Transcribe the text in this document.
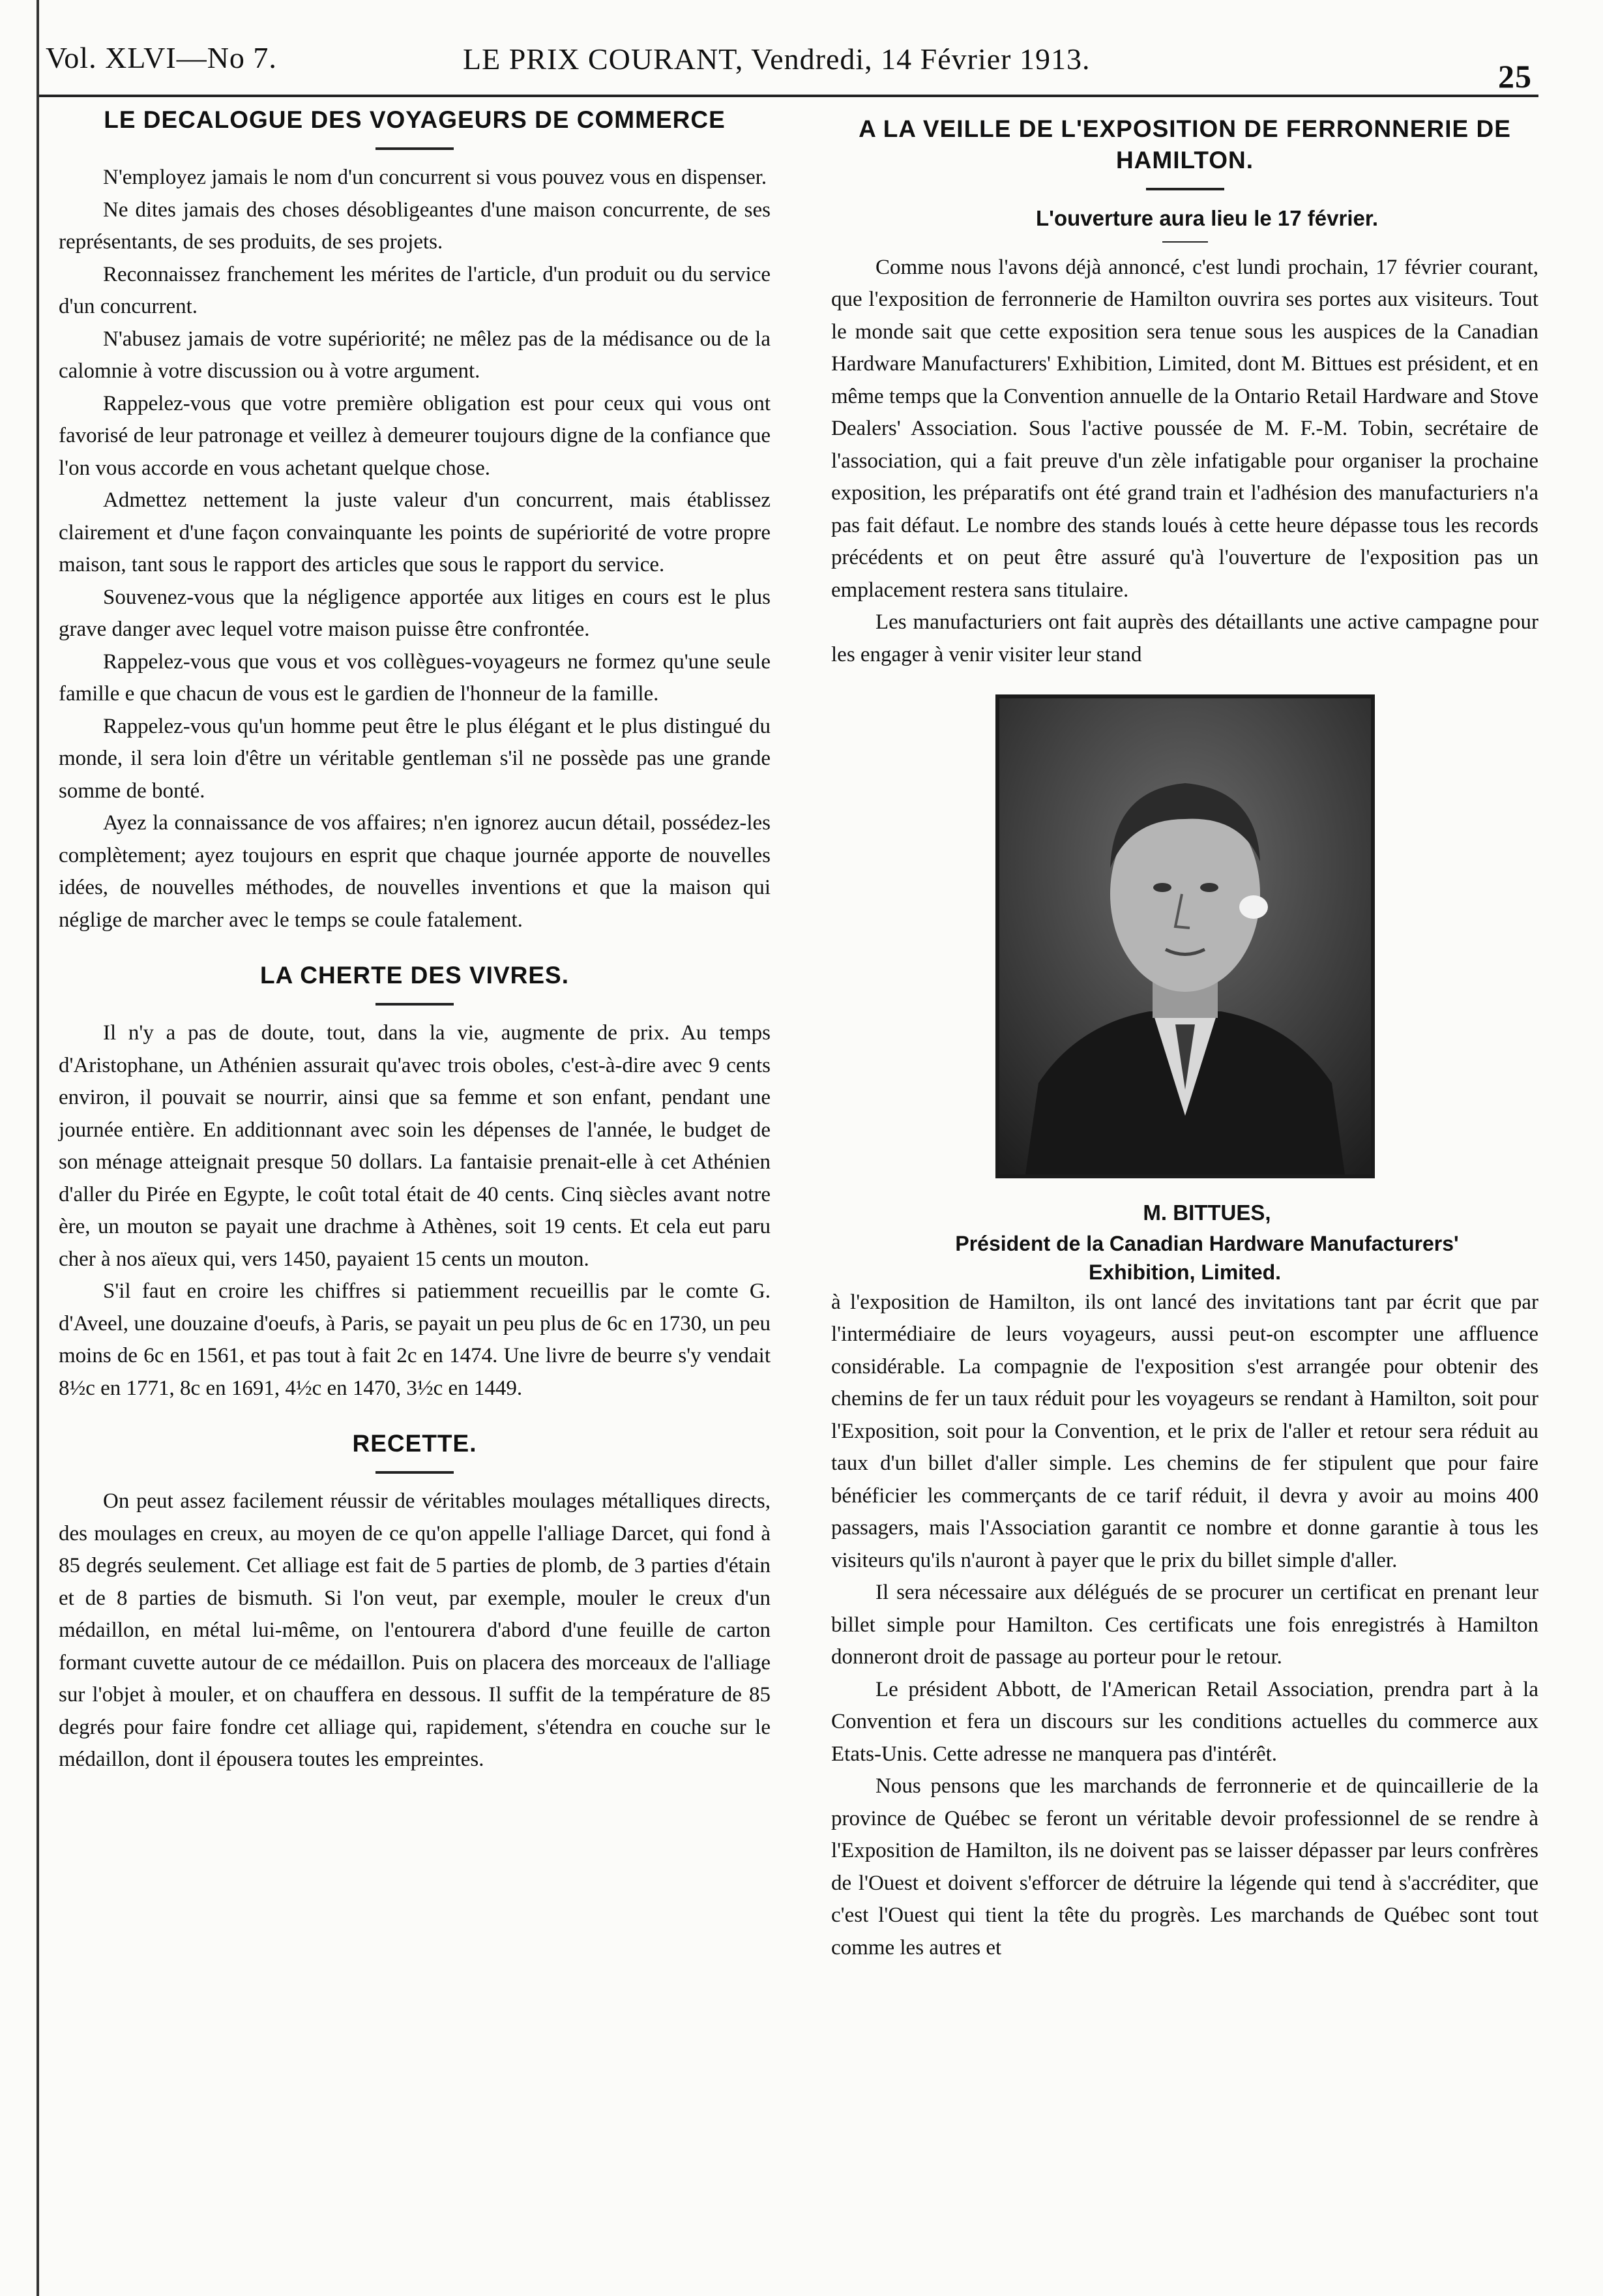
Vol. XLVI—No 7.	LE PRIX COURANT, Vendredi, 14 Février 1913.	25
LE DECALOGUE DES VOYAGEURS DE COMMERCE

N'employez jamais le nom d'un concurrent si vous pouvez vous en dispenser.

Ne dites jamais des choses désobligeantes d'une maison concurrente, de ses représentants, de ses produits, de ses projets.

Reconnaissez franchement les mérites de l'article, d'un produit ou du service d'un concurrent.

N'abusez jamais de votre supériorité; ne mêlez pas de la médisance ou de la calomnie à votre discussion ou à votre argument.

Rappelez-vous que votre première obligation est pour ceux qui vous ont favorisé de leur patronage et veillez à demeurer toujours digne de la confiance que l'on vous accorde en vous achetant quelque chose.

Admettez nettement la juste valeur d'un concurrent, mais établissez clairement et d'une façon convainquante les points de supériorité de votre propre maison, tant sous le rapport des articles que sous le rapport du service.

Souvenez-vous que la négligence apportée aux litiges en cours est le plus grave danger avec lequel votre maison puisse être confrontée.

Rappelez-vous que vous et vos collègues-voyageurs ne formez qu'une seule famille e que chacun de vous est le gardien de l'honneur de la famille.

Rappelez-vous qu'un homme peut être le plus élégant et le plus distingué du monde, il sera loin d'être un véritable gentleman s'il ne possède pas une grande somme de bonté.

Ayez la connaissance de vos affaires; n'en ignorez aucun détail, possédez-les complètement; ayez toujours en esprit que chaque journée apporte de nouvelles idées, de nouvelles méthodes, de nouvelles inventions et que la maison qui néglige de marcher avec le temps se coule fatalement.

LA CHERTE DES VIVRES.

Il n'y a pas de doute, tout, dans la vie, augmente de prix. Au temps d'Aristophane, un Athénien assurait qu'avec trois oboles, c'est-à-dire avec 9 cents environ, il pouvait se nourrir, ainsi que sa femme et son enfant, pendant une journée entière. En additionnant avec soin les dépenses de l'année, le budget de son ménage atteignait presque 50 dollars. La fantaisie prenait-elle à cet Athénien d'aller du Pirée en Egypte, le coût total était de 40 cents. Cinq siècles avant notre ère, un mouton se payait une drachme à Athènes, soit 19 cents. Et cela eut paru cher à nos aïeux qui, vers 1450, payaient 15 cents un mouton.

S'il faut en croire les chiffres si patiemment recueillis par le comte G. d'Aveel, une douzaine d'oeufs, à Paris, se payait un peu plus de 6c en 1730, un peu moins de 6c en 1561, et pas tout à fait 2c en 1474. Une livre de beurre s'y vendait 8½c en 1771, 8c en 1691, 4½c en 1470, 3½c en 1449.

RECETTE.

On peut assez facilement réussir de véritables moulages métalliques directs, des moulages en creux, au moyen de ce qu'on appelle l'alliage Darcet, qui fond à 85 degrés seulement. Cet alliage est fait de 5 parties de plomb, de 3 parties d'étain et de 8 parties de bismuth. Si l'on veut, par exemple, mouler le creux d'un médaillon, en métal lui-même, on l'entourera d'abord d'une feuille de carton formant cuvette autour de ce médaillon. Puis on placera des morceaux de l'alliage sur l'objet à mouler, et on chauffera en dessous. Il suffit de la température de 85 degrés pour faire fondre cet alliage qui, rapidement, s'étendra en couche sur le médaillon, dont il épousera toutes les empreintes.

A LA VEILLE DE L'EXPOSITION DE FERRONNERIE DE HAMILTON.

L'ouverture aura lieu le 17 février.

Comme nous l'avons déjà annoncé, c'est lundi prochain, 17 février courant, que l'exposition de ferronnerie de Hamilton ouvrira ses portes aux visiteurs. Tout le monde sait que cette exposition sera tenue sous les auspices de la Canadian Hardware Manufacturers' Exhibition, Limited, dont M. Bittues est président, et en même temps que la Convention annuelle de la Ontario Retail Hardware and Stove Dealers' Association. Sous l'active poussée de M. F.-M. Tobin, secrétaire de l'association, qui a fait preuve d'un zèle infatigable pour organiser la prochaine exposition, les préparatifs ont été grand train et l'adhésion des manufacturiers n'a pas fait défaut. Le nombre des stands loués à cette heure dépasse tous les records précédents et on peut être assuré qu'à l'ouverture de l'exposition pas un emplacement restera sans titulaire.

Les manufacturiers ont fait auprès des détaillants une active campagne pour les engager à venir visiter leur stand

M. BITTUES,

Président de la Canadian Hardware Manufacturers' Exhibition, Limited.

à l'exposition de Hamilton, ils ont lancé des invitations tant par écrit que par l'intermédiaire de leurs voyageurs, aussi peut-on escompter une affluence considérable. La compagnie de l'exposition s'est arrangée pour obtenir des chemins de fer un taux réduit pour les voyageurs se rendant à Hamilton, soit pour l'Exposition, soit pour la Convention, et le prix de l'aller et retour sera réduit au taux d'un billet d'aller simple. Les chemins de fer stipulent que pour faire bénéficier les commerçants de ce tarif réduit, il devra y avoir au moins 400 passagers, mais l'Association garantit ce nombre et donne garantie à tous les visiteurs qu'ils n'auront à payer que le prix du billet simple d'aller.

Il sera nécessaire aux délégués de se procurer un certificat en prenant leur billet simple pour Hamilton. Ces certificats une fois enregistrés à Hamilton donneront droit de passage au porteur pour le retour.

Le président Abbott, de l'American Retail Association, prendra part à la Convention et fera un discours sur les conditions actuelles du commerce aux Etats-Unis. Cette adresse ne manquera pas d'intérêt.

Nous pensons que les marchands de ferronnerie et de quincaillerie de la province de Québec se feront un véritable devoir professionnel de se rendre à l'Exposition de Hamilton, ils ne doivent pas se laisser dépasser par leurs confrères de l'Ouest et doivent s'efforcer de détruire la légende qui tend à s'accréditer, que c'est l'Ouest qui tient la tête du progrès. Les marchands de Québec sont tout comme les autres et
